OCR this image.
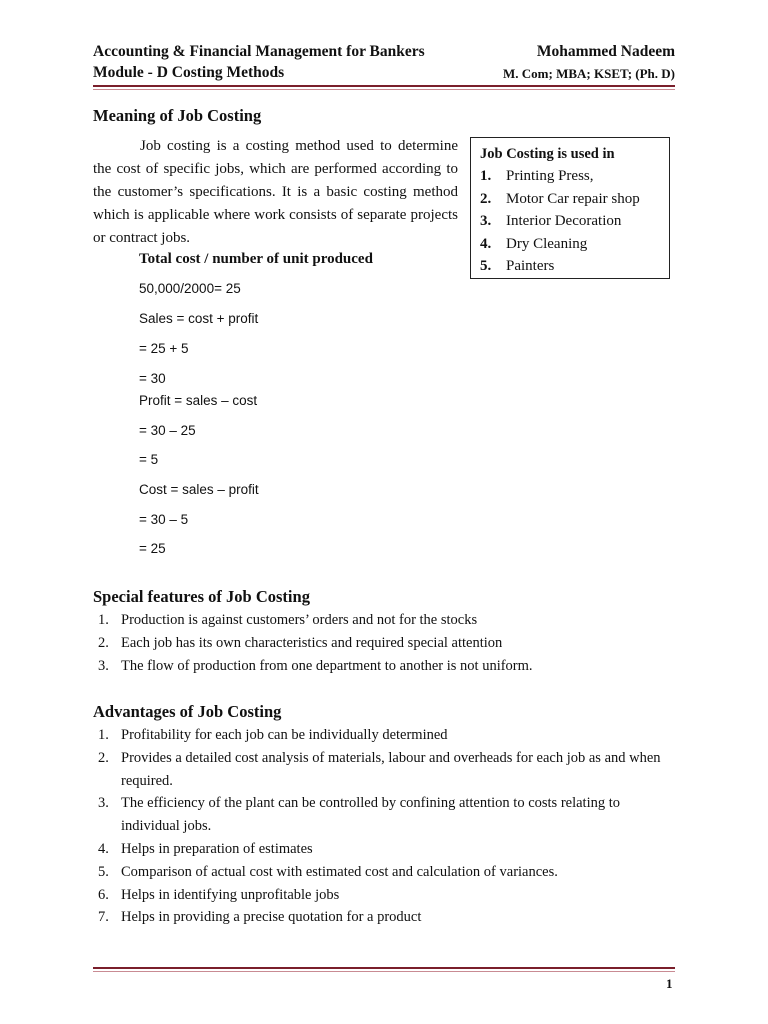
Accounting & Financial Management for Bankers
Module - D Costing Methods
Mohammed Nadeem
M. Com; MBA; KSET; (Ph. D)
Meaning of Job Costing

Job costing is a costing method used to determine the cost of specific jobs, which are performed according to the customer’s specifications. It is a basic costing method which is applicable where work consists of separate projects or contract jobs.

Total cost / number of unit produced
50,000/2000= 25
Sales = cost + profit
= 25 + 5
= 30
Profit = sales – cost
= 30 – 25
= 5
Cost = sales – profit
= 30 – 5
= 25
Job Costing is used in
1. Printing Press,
2. Motor Car repair shop
3. Interior Decoration
4. Dry Cleaning
5. Painters
Special features of Job Costing
1. Production is against customers’ orders and not for the stocks
2. Each job has its own characteristics and required special attention
3. The flow of production from one department to another is not uniform.
Advantages of Job Costing
1. Profitability for each job can be individually determined
2. Provides a detailed cost analysis of materials, labour and overheads for each job as and when required.
3. The efficiency of the plant can be controlled by confining attention to costs relating to individual jobs.
4. Helps in preparation of estimates
5. Comparison of actual cost with estimated cost and calculation of variances.
6. Helps in identifying unprofitable jobs
7. Helps in providing a precise quotation for a product
1
